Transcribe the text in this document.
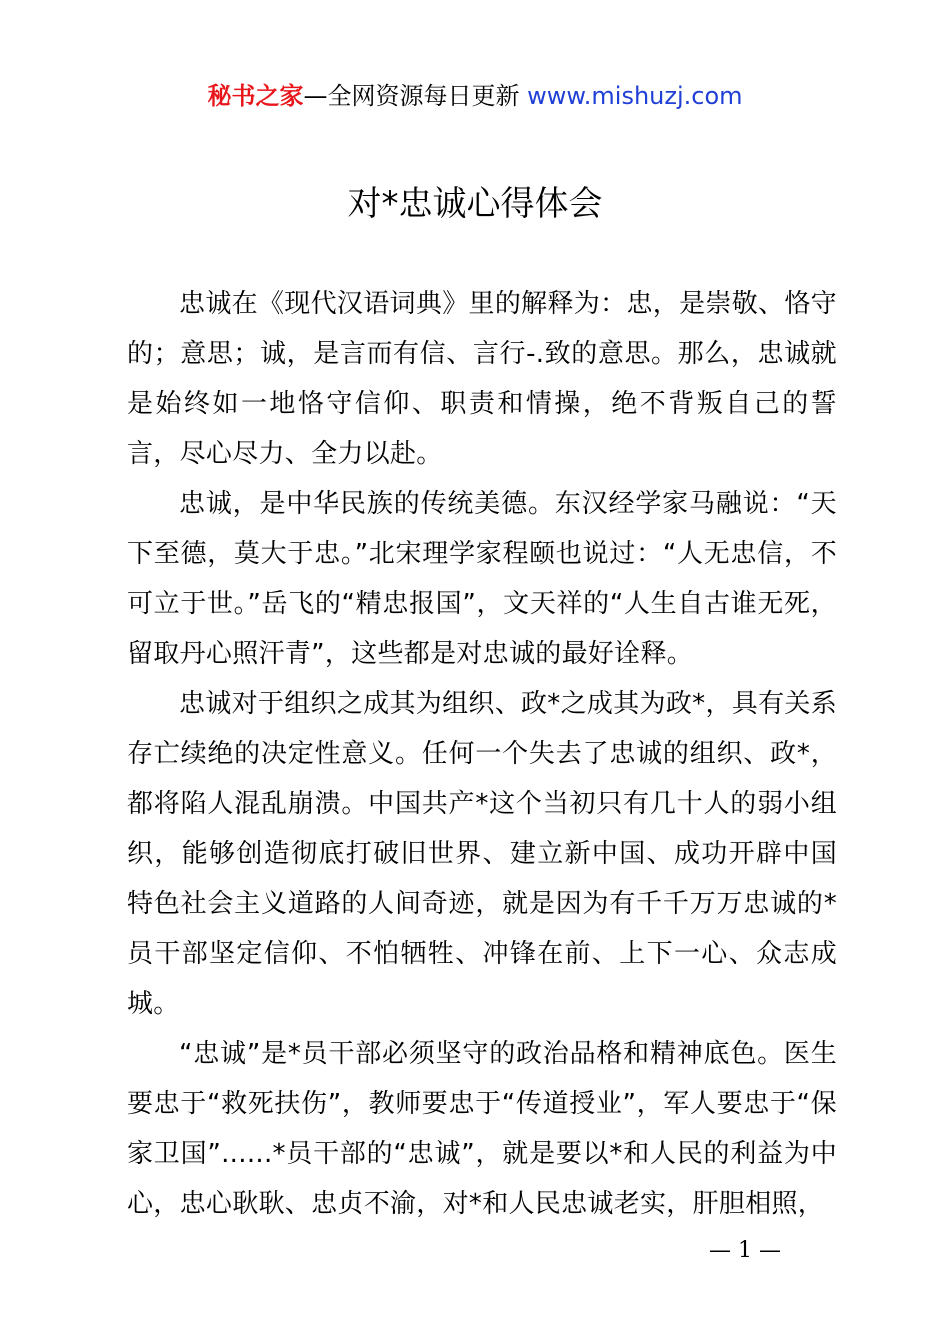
秘书之家—全网资源每日更新 www.mishuzj.com
对*忠诚心得体会

忠诚在《现代汉语词典》里的解释为：忠，是崇敬、恪守的；意思；诚，是言而有信、言行-.致的意思。那么，忠诚就是始终如一地恪守信仰、职责和情操，绝不背叛自己的誓言，尽心尽力、全力以赴。

忠诚，是中华民族的传统美德。东汉经学家马融说：“天下至德，莫大于忠。”北宋理学家程颐也说过：“人无忠信，不可立于世。”岳飞的“精忠报国”，文天祥的“人生自古谁无死，留取丹心照汗青”，这些都是对忠诚的最好诠释。

忠诚对于组织之成其为组织、政*之成其为政*，具有关系存亡续绝的决定性意义。任何一个失去了忠诚的组织、政*，都将陷人混乱崩溃。中国共产*这个当初只有几十人的弱小组织，能够创造彻底打破旧世界、建立新中国、成功开辟中国特色社会主义道路的人间奇迹，就是因为有千千万万忠诚的*员干部坚定信仰、不怕牺牲、冲锋在前、上下一心、众志成城。

“忠诚”是*员干部必须坚守的政治品格和精神底色。医生要忠于“救死扶伤”，教师要忠于“传道授业”，军人要忠于“保家卫国”......*员干部的“忠诚”，就是要以*和人民的利益为中心，忠心耿耿、忠贞不渝，对*和人民忠诚老实，肝胆相照，

— 1 —
